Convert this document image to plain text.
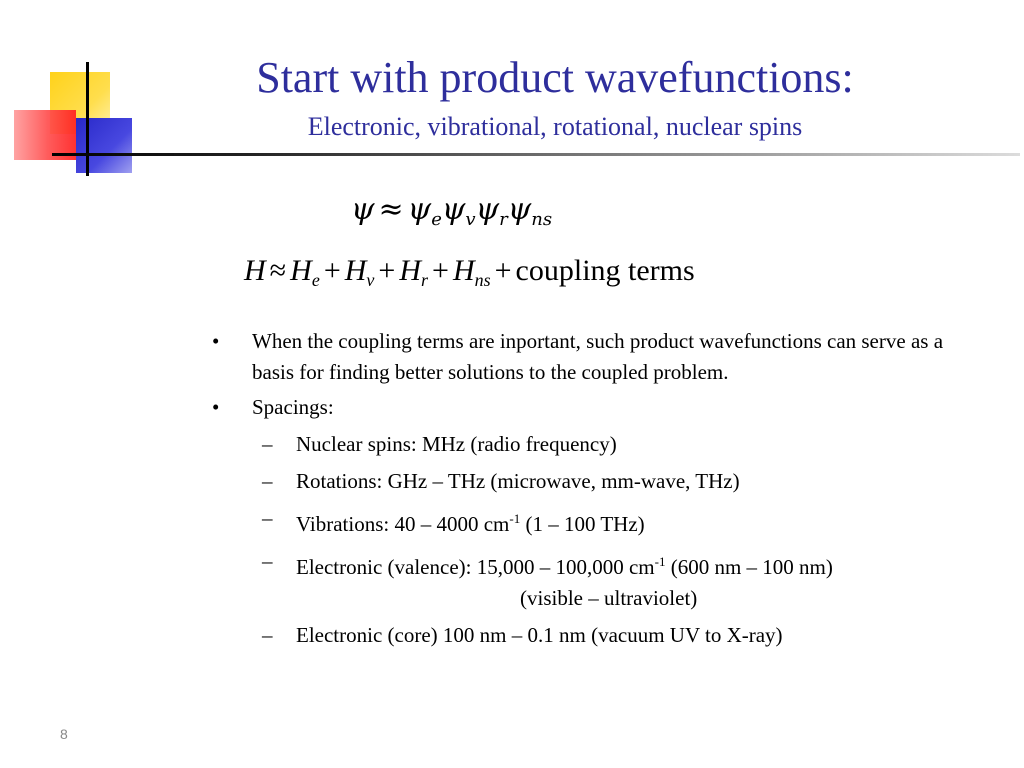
Start with product wavefunctions:
Electronic, vibrational, rotational, nuclear spins
$\psi \approx \psi_e\psi_v\psi_r\psi_{ns}$
$H \approx H_e + H_v + H_r + H_{ns}$ + coupling terms
• When the coupling terms are inportant, such product wavefunctions can serve as a basis for finding better solutions to the coupled problem.
• Spacings:
– Nuclear spins: MHz (radio frequency)
– Rotations: GHz – THz (microwave, mm-wave, THz)
– Vibrations: 40 – 4000 $cm^{-1}$ (1 – 100 THz)
– Electronic (valence): 15,000 – 100,000 $cm^{-1}$ (600 nm – 100 nm)
(visible – ultraviolet)
– Electronic (core) 100 nm – 0.1 nm (vacuum UV to X-ray)
8
